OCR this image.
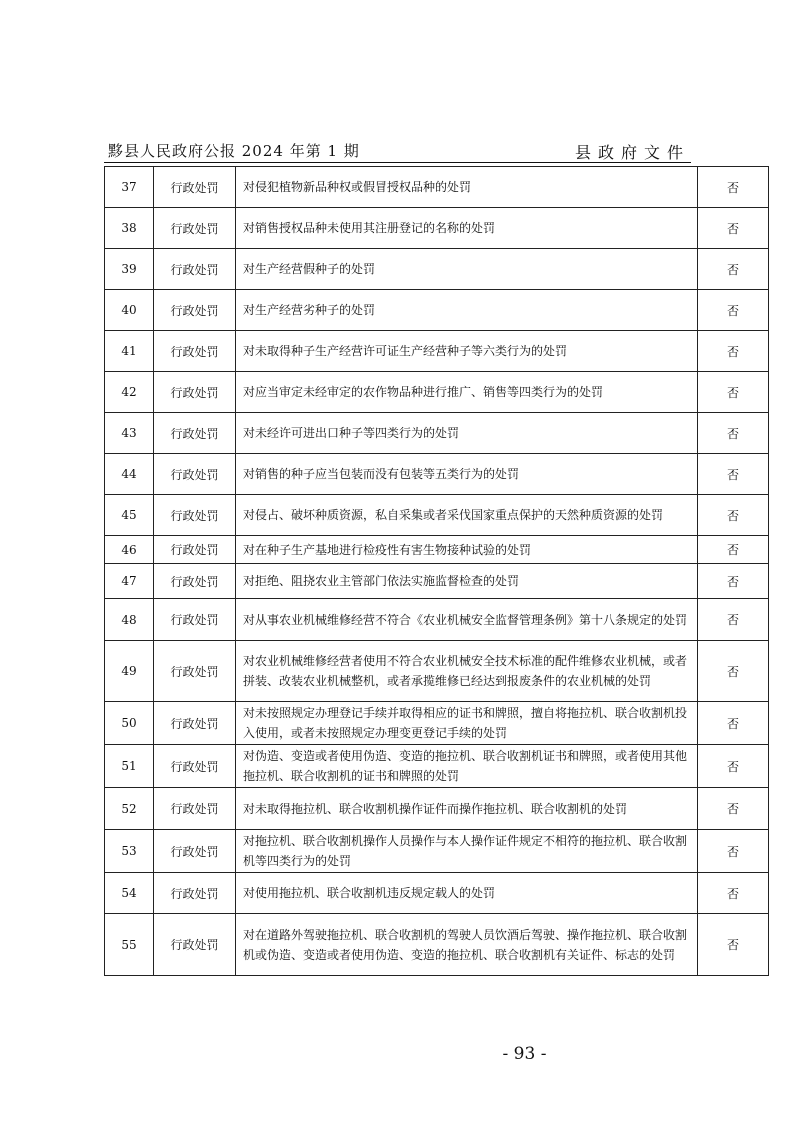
黟县人民政府公报 2024 年第 1 期	县政府文件
37	行政处罚	对侵犯植物新品种权或假冒授权品种的处罚	否
38	行政处罚	对销售授权品种未使用其注册登记的名称的处罚	否
39	行政处罚	对生产经营假种子的处罚	否
40	行政处罚	对生产经营劣种子的处罚	否
41	行政处罚	对未取得种子生产经营许可证生产经营种子等六类行为的处罚	否
42	行政处罚	对应当审定未经审定的农作物品种进行推广、销售等四类行为的处罚	否
43	行政处罚	对未经许可进出口种子等四类行为的处罚	否
44	行政处罚	对销售的种子应当包装而没有包装等五类行为的处罚	否
45	行政处罚	对侵占、破坏种质资源，私自采集或者采伐国家重点保护的天然种质资源的处罚	否
46	行政处罚	对在种子生产基地进行检疫性有害生物接种试验的处罚	否
47	行政处罚	对拒绝、阻挠农业主管部门依法实施监督检查的处罚	否
48	行政处罚	对从事农业机械维修经营不符合《农业机械安全监督管理条例》第十八条规定的处罚	否
49	行政处罚	对农业机械维修经营者使用不符合农业机械安全技术标准的配件维修农业机械，或者拼装、改装农业机械整机，或者承揽维修已经达到报废条件的农业机械的处罚	否
50	行政处罚	对未按照规定办理登记手续并取得相应的证书和牌照，擅自将拖拉机、联合收割机投入使用，或者未按照规定办理变更登记手续的处罚	否
51	行政处罚	对伪造、变造或者使用伪造、变造的拖拉机、联合收割机证书和牌照，或者使用其他拖拉机、联合收割机的证书和牌照的处罚	否
52	行政处罚	对未取得拖拉机、联合收割机操作证件而操作拖拉机、联合收割机的处罚	否
53	行政处罚	对拖拉机、联合收割机操作人员操作与本人操作证件规定不相符的拖拉机、联合收割机等四类行为的处罚	否
54	行政处罚	对使用拖拉机、联合收割机违反规定载人的处罚	否
55	行政处罚	对在道路外驾驶拖拉机、联合收割机的驾驶人员饮酒后驾驶、操作拖拉机、联合收割机或伪造、变造或者使用伪造、变造的拖拉机、联合收割机有关证件、标志的处罚	否
- 93 -
